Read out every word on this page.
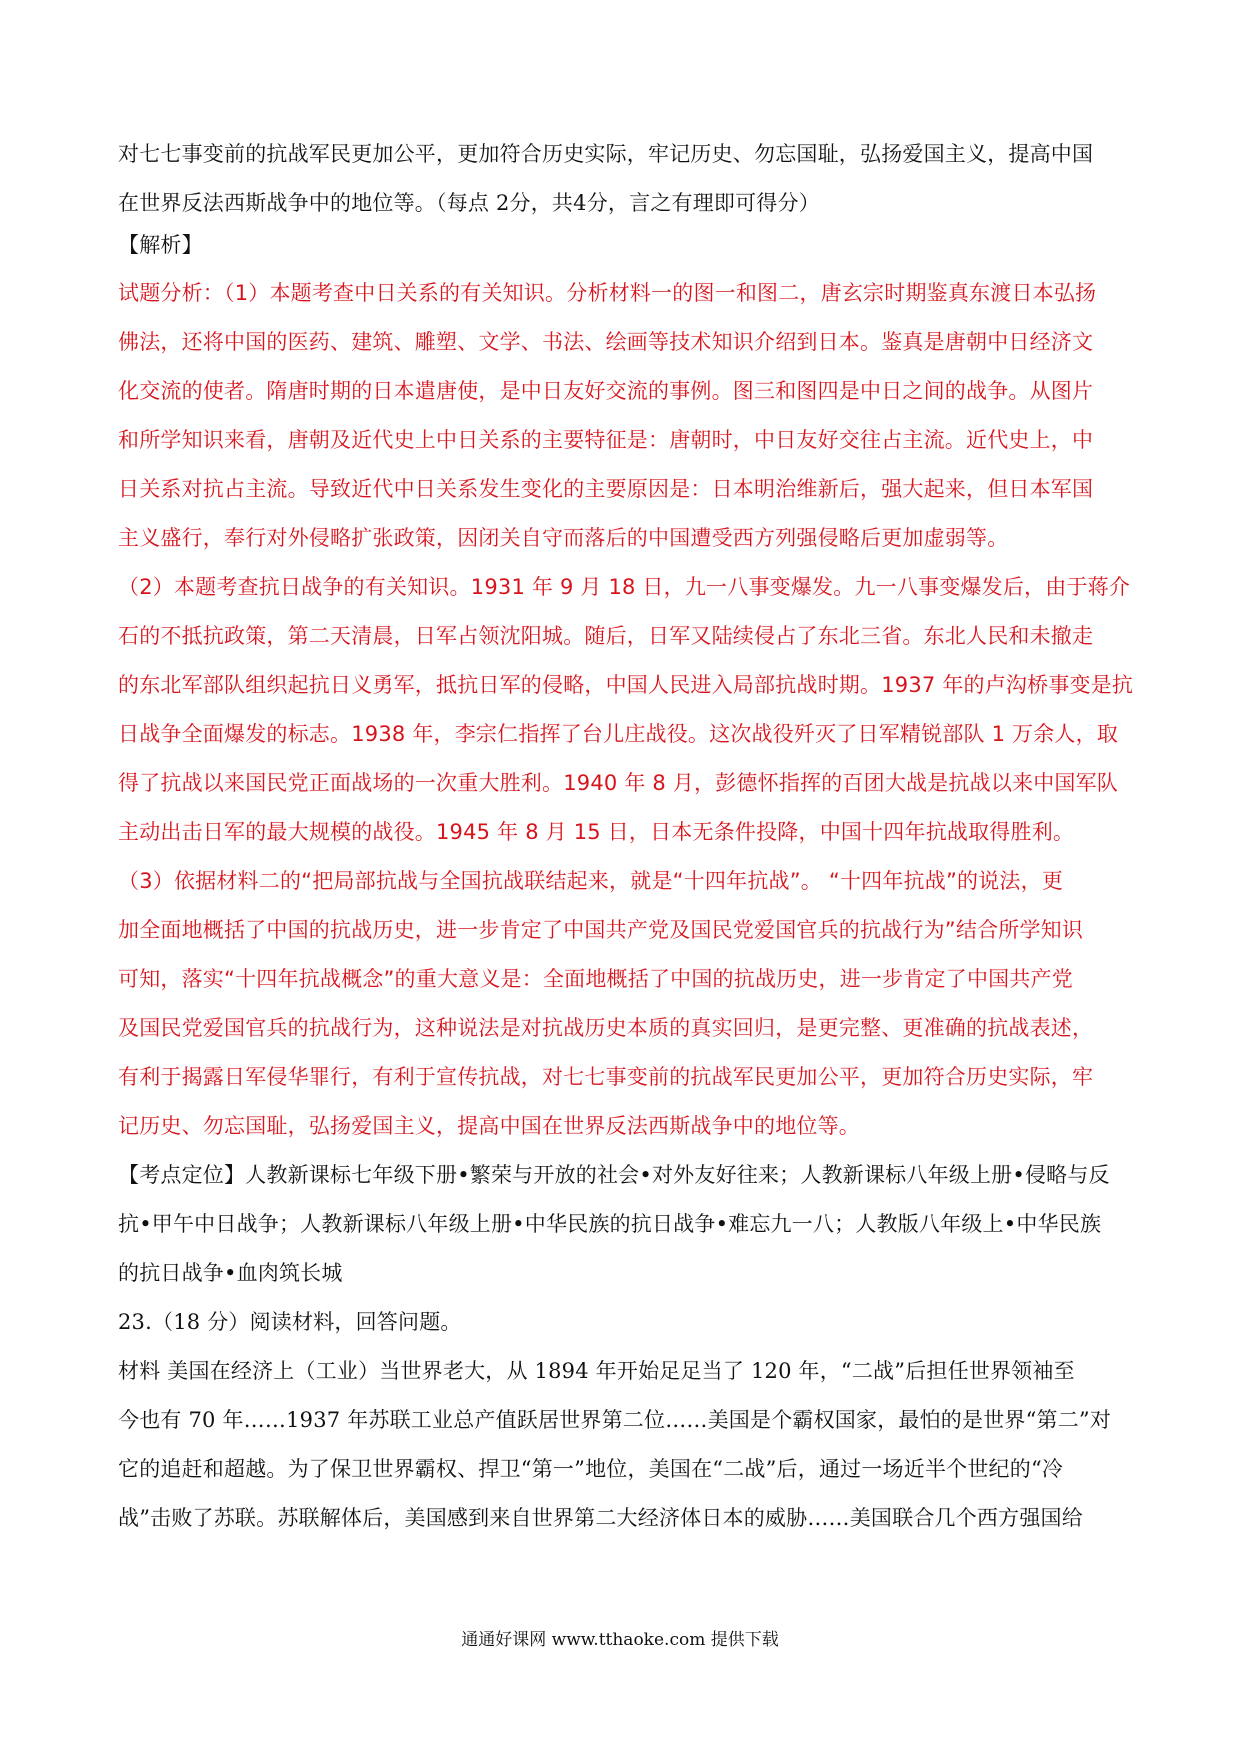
对七七事变前的抗战军民更加公平，更加符合历史实际，牢记历史、勿忘国耻，弘扬爱国主义，提高中国
在世界反法西斯战争中的地位等。（每点 2分，共4分，言之有理即可得分）
【解析】
试题分析：（1）本题考查中日关系的有关知识。分析材料一的图一和图二，唐玄宗时期鉴真东渡日本弘扬
佛法，还将中国的医药、建筑、雕塑、文学、书法、绘画等技术知识介绍到日本。鉴真是唐朝中日经济文
化交流的使者。隋唐时期的日本遣唐使，是中日友好交流的事例。图三和图四是中日之间的战争。从图片
和所学知识来看，唐朝及近代史上中日关系的主要特征是：唐朝时，中日友好交往占主流。近代史上，中
日关系对抗占主流。导致近代中日关系发生变化的主要原因是：日本明治维新后，强大起来，但日本军国
主义盛行，奉行对外侵略扩张政策，因闭关自守而落后的中国遭受西方列强侵略后更加虚弱等。
（2）本题考查抗日战争的有关知识。1931 年 9 月 18 日，九一八事变爆发。九一八事变爆发后，由于蒋介
石的不抵抗政策，第二天清晨，日军占领沈阳城。随后，日军又陆续侵占了东北三省。东北人民和未撤走
的东北军部队组织起抗日义勇军，抵抗日军的侵略，中国人民进入局部抗战时期。1937 年的卢沟桥事变是抗
日战争全面爆发的标志。1938 年，李宗仁指挥了台儿庄战役。这次战役歼灭了日军精锐部队 1 万余人，取
得了抗战以来国民党正面战场的一次重大胜利。1940 年 8 月，彭德怀指挥的百团大战是抗战以来中国军队
主动出击日军的最大规模的战役。1945 年 8 月 15 日，日本无条件投降，中国十四年抗战取得胜利。
（3）依据材料二的“把局部抗战与全国抗战联结起来，就是“十四年抗战”。 “十四年抗战”的说法，更
加全面地概括了中国的抗战历史，进一步肯定了中国共产党及国民党爱国官兵的抗战行为”结合所学知识
可知，落实“十四年抗战概念”的重大意义是：全面地概括了中国的抗战历史，进一步肯定了中国共产党
及国民党爱国官兵的抗战行为，这种说法是对抗战历史本质的真实回归，是更完整、更准确的抗战表述，
有利于揭露日军侵华罪行，有利于宣传抗战，对七七事变前的抗战军民更加公平，更加符合历史实际，牢
记历史、勿忘国耻，弘扬爱国主义，提高中国在世界反法西斯战争中的地位等。
【考点定位】人教新课标七年级下册•繁荣与开放的社会•对外友好往来；人教新课标八年级上册•侵略与反
抗•甲午中日战争；人教新课标八年级上册•中华民族的抗日战争•难忘九一八；人教版八年级上•中华民族
的抗日战争•血肉筑长城
23.（18 分）阅读材料，回答问题。
材料 美国在经济上（工业）当世界老大，从 1894 年开始足足当了 120 年，“二战”后担任世界领袖至
今也有 70 年……1937 年苏联工业总产值跃居世界第二位……美国是个霸权国家，最怕的是世界“第二”对
它的追赶和超越。为了保卫世界霸权、捍卫“第一”地位，美国在“二战”后，通过一场近半个世纪的“冷
战”击败了苏联。苏联解体后，美国感到来自世界第二大经济体日本的威胁……美国联合几个西方强国给
通通好课网 www.tthaoke.com 提供下载
